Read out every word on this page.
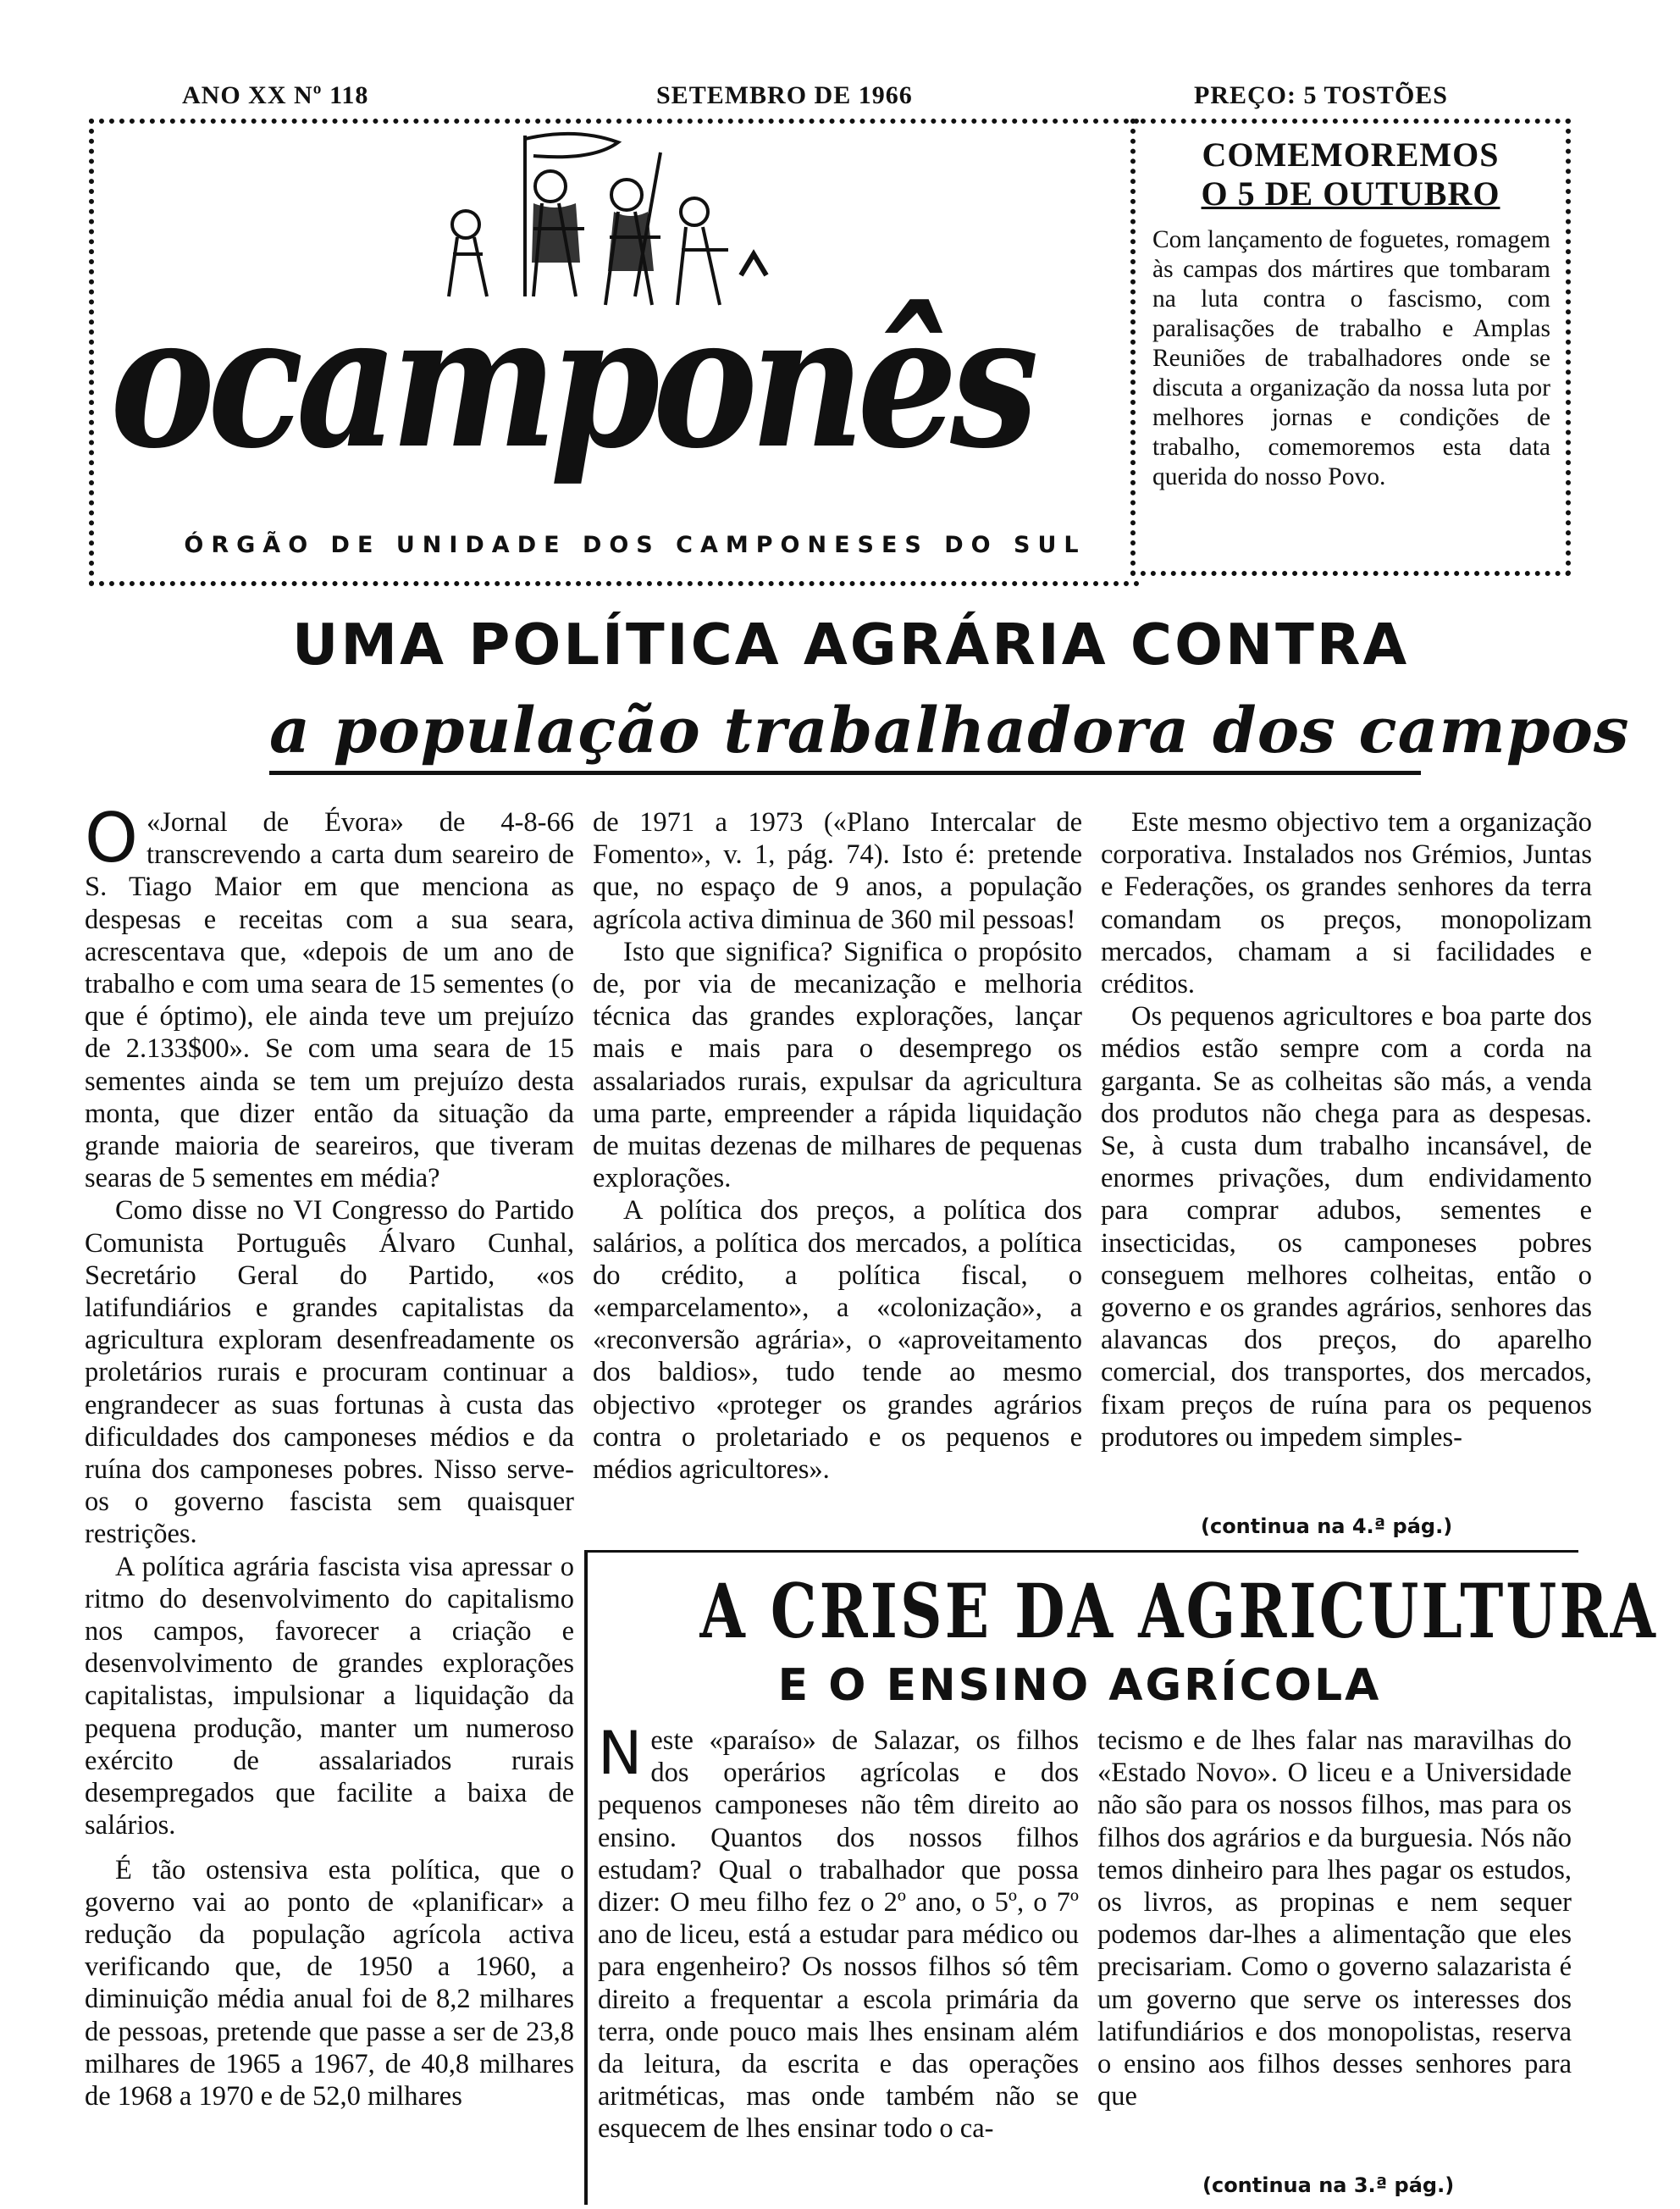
ANO XX Nº 118	SETEMBRO DE 1966	PREÇO: 5 TOSTÕES
ocamponês
ÓRGÃO DE UNIDADE DOS CAMPONESES DO SUL
COMEMOREMOS
O 5 DE OUTUBRO
Com lançamento de foguetes, romagem às campas dos mártires que tombaram na luta contra o fascismo, com paralisações de trabalho e Amplas Reuniões de trabalhadores onde se discuta a organização da nossa luta por melhores jornas e condições de trabalho, comemoremos esta data querida do nosso Povo.
UMA POLÍTICA AGRÁRIA CONTRA
a população trabalhadora dos campos

O «Jornal de Évora» de 4-8-66 transcrevendo a carta dum seareiro de S. Tiago Maior em que menciona as despesas e receitas com a sua seara, acrescentava que, «depois de um ano de trabalho e com uma seara de 15 sementes (o que é óptimo), ele ainda teve um prejuízo de 2.133$00». Se com uma seara de 15 sementes ainda se tem um prejuízo desta monta, que dizer então da situação da grande maioria de seareiros, que tiveram searas de 5 sementes em média?

Como disse no VI Congresso do Partido Comunista Português Álvaro Cunhal, Secretário Geral do Partido, «os latifundiários e grandes capitalistas da agricultura exploram desenfreadamente os proletários rurais e procuram continuar a engrandecer as suas fortunas à custa das dificuldades dos camponeses médios e da ruína dos camponeses pobres. Nisso serve-os o governo fascista sem quaisquer restrições.

A política agrária fascista visa apressar o ritmo do desenvolvimento do capitalismo nos campos, favorecer a criação e desenvolvimento de grandes explorações capitalistas, impulsionar a liquidação da pequena produção, manter um numeroso exército de assalariados rurais desempregados que facilite a baixa de salários.

É tão ostensiva esta política, que o governo vai ao ponto de «planificar» a redução da população agrícola activa verificando que, de 1950 a 1960, a diminuição média anual foi de 8,2 milhares de pessoas, pretende que passe a ser de 23,8 milhares de 1965 a 1967, de 40,8 milhares de 1968 a 1970 e de 52,0 milhares

de 1971 a 1973 («Plano Intercalar de Fomento», v. 1, pág. 74). Isto é: pretende que, no espaço de 9 anos, a população agrícola activa diminua de 360 mil pessoas!

Isto que significa? Significa o propósito de, por via de mecanização e melhoria técnica das grandes explorações, lançar mais e mais para o desemprego os assalariados rurais, expulsar da agricultura uma parte, empreender a rápida liquidação de muitas dezenas de milhares de pequenas explorações.

A política dos preços, a política dos salários, a política dos mercados, a política do crédito, a política fiscal, o «emparcelamento», a «colonização», a «reconversão agrária», o «aproveitamento dos baldios», tudo tende ao mesmo objectivo «proteger os grandes agrários contra o proletariado e os pequenos e médios agricultores».

Este mesmo objectivo tem a organização corporativa. Instalados nos Grémios, Juntas e Federações, os grandes senhores da terra comandam os preços, monopolizam mercados, chamam a si facilidades e créditos.

Os pequenos agricultores e boa parte dos médios estão sempre com a corda na garganta. Se as colheitas são más, a venda dos produtos não chega para as despesas. Se, à custa dum trabalho incansável, de enormes privações, dum endividamento para comprar adubos, sementes e insecticidas, os camponeses pobres conseguem melhores colheitas, então o governo e os grandes agrários, senhores das alavancas dos preços, do aparelho comercial, dos transportes, dos mercados, fixam preços de ruína para os pequenos produtores ou impedem simples-

(continua na 4.ª pág.)
A CRISE DA AGRICULTURA
E O ENSINO AGRÍCOLA

Neste «paraíso» de Salazar, os filhos dos operários agrícolas e dos pequenos camponeses não têm direito ao ensino. Quantos dos nossos filhos estudam? Qual o trabalhador que possa dizer: O meu filho fez o 2º ano, o 5º, o 7º ano de liceu, está a estudar para médico ou para engenheiro? Os nossos filhos só têm direito a frequentar a escola primária da terra, onde pouco mais lhes ensinam além da leitura, da escrita e das operações aritméticas, mas onde também não se esquecem de lhes ensinar todo o ca-

tecismo e de lhes falar nas maravilhas do «Estado Novo». O liceu e a Universidade não são para os nossos filhos, mas para os filhos dos agrários e da burguesia. Nós não temos dinheiro para lhes pagar os estudos, os livros, as propinas e nem sequer podemos dar-lhes a alimentação que eles precisariam. Como o governo salazarista é um governo que serve os interesses dos latifundiários e dos monopolistas, reserva o ensino aos filhos desses senhores para que

(continua na 3.ª pág.)
